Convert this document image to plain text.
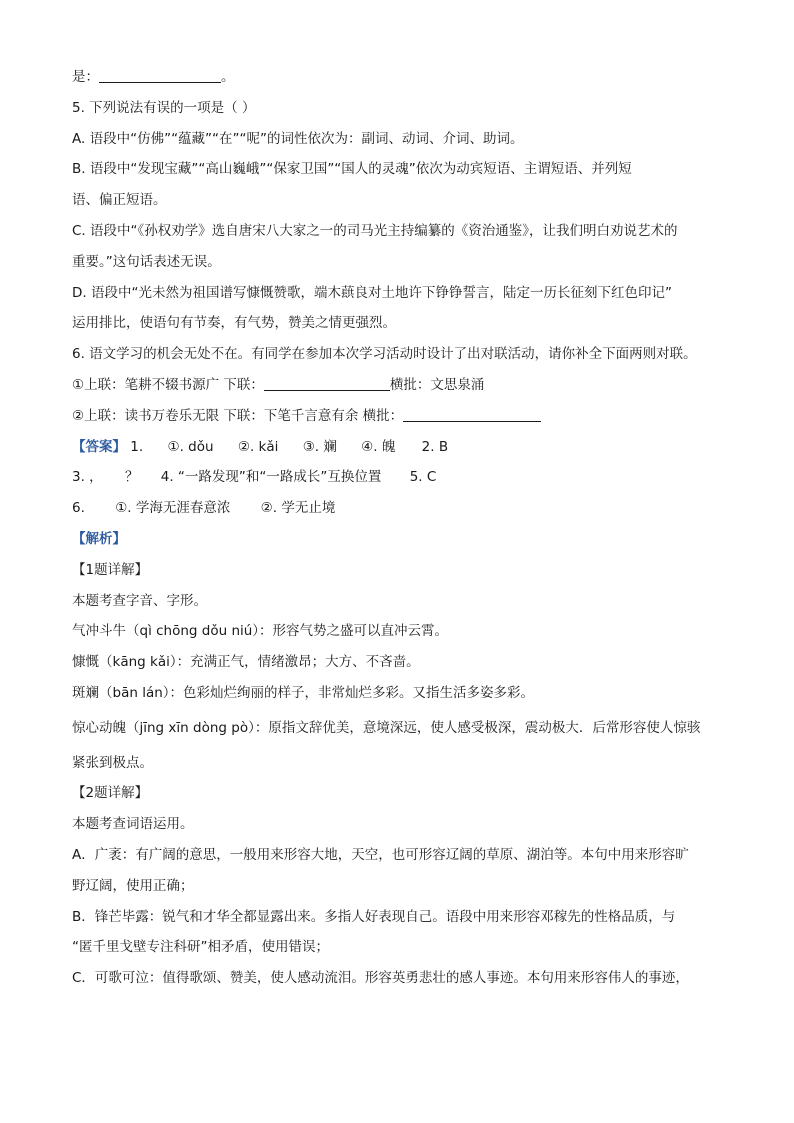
是：	。
5. 下列说法有误的一项是（ ）
A. 语段中“仿佛”“蕴藏”“在”“呢”的词性依次为：副词、动词、介词、助词。
B. 语段中“发现宝藏”“高山巍峨”“保家卫国”“国人的灵魂”依次为动宾短语、主谓短语、并列短
语、偏正短语。
C. 语段中“《孙权劝学》选自唐宋八大家之一的司马光主持编纂的《资治通鉴》，让我们明白劝说艺术的
重要。”这句话表述无误。
D. 语段中“光未然为祖国谱写慷慨赞歌，端木蕻良对土地许下铮铮誓言，陆定一历长征刻下红色印记”
运用排比，使语句有节奏，有气势，赞美之情更强烈。
6. 语文学习的机会无处不在。有同学在参加本次学习活动时设计了出对联活动，请你补全下面两则对联。
①上联：笔耕不辍书源广 下联：	横批：文思泉涌
②上联：读书万卷乐无限 下联：下笔千言意有余 横批：
【答案】 1. ①. dǒu ②. kǎi ③. 斓 ④. 魄 2. B
3. ， ？ 4. “一路发现”和“一路成长”互换位置 5. C
6. ①. 学海无涯春意浓 ②. 学无止境
【解析】
【1题详解】
本题考查字音、字形。
气冲斗牛（qì chōng dǒu niú）：形容气势之盛可以直冲云霄。
慷慨（kāng kǎi）：充满正气，情绪激昂；大方、不吝啬。
斑斓（bān lán）：色彩灿烂绚丽的样子，非常灿烂多彩。又指生活多姿多彩。
惊心动魄（jīng xīn dòng pò）：原指文辞优美，意境深远，使人感受极深，震动极大．后常形容使人惊骇
紧张到极点。
【2题详解】
本题考查词语运用。
A．广袤：有广阔的意思，一般用来形容大地，天空，也可形容辽阔的草原、湖泊等。本句中用来形容旷
野辽阔，使用正确；
B．锋芒毕露：锐气和才华全都显露出来。多指人好表现自己。语段中用来形容邓稼先的性格品质，与
“匿千里戈壁专注科研”相矛盾，使用错误；
C．可歌可泣：值得歌颂、赞美，使人感动流泪。形容英勇悲壮的感人事迹。本句用来形容伟人的事迹，
